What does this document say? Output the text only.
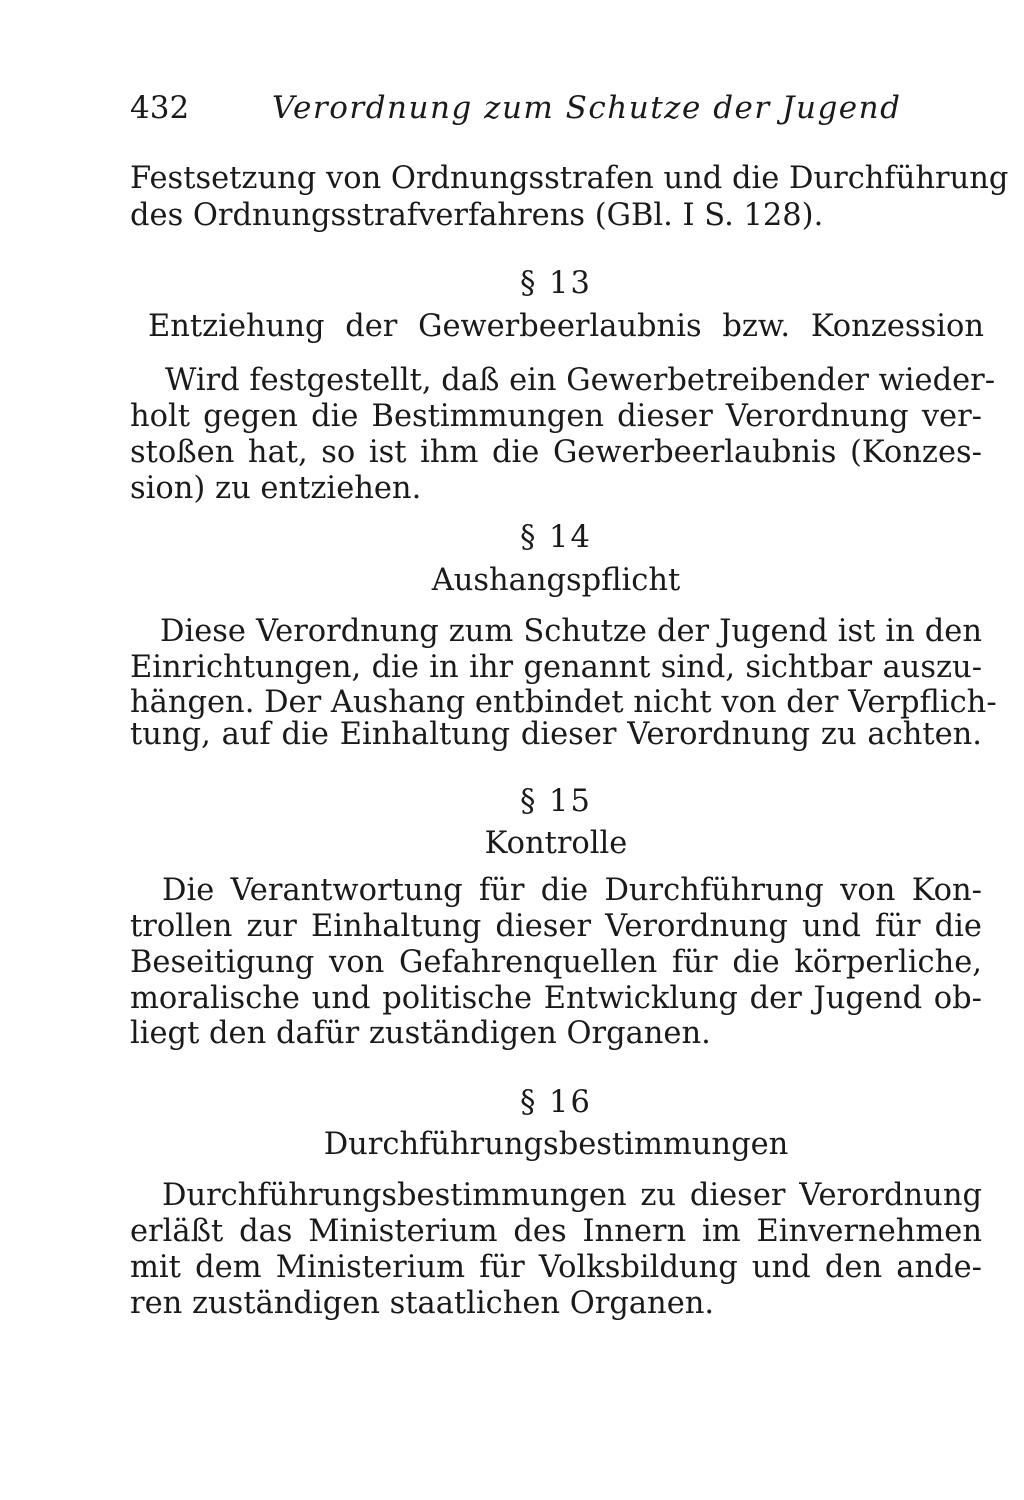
432	Verordnung zum Schutze der Jugend
Festsetzung von Ordnungsstrafen und die Durchführung
des Ordnungsstrafverfahrens (GBl. I S. 128).
§ 13
Entziehung der Gewerbeerlaubnis bzw. Konzession
Wird festgestellt, daß ein Gewerbetreibender wieder-
holt gegen die Bestimmungen dieser Verordnung ver-
stoßen hat, so ist ihm die Gewerbeerlaubnis (Konzes-
sion) zu entziehen.
§ 14
Aushangspflicht
Diese Verordnung zum Schutze der Jugend ist in den
Einrichtungen, die in ihr genannt sind, sichtbar auszu-
hängen. Der Aushang entbindet nicht von der Verpflich-
tung, auf die Einhaltung dieser Verordnung zu achten.
§ 15
Kontrolle
Die Verantwortung für die Durchführung von Kon-
trollen zur Einhaltung dieser Verordnung und für die
Beseitigung von Gefahrenquellen für die körperliche,
moralische und politische Entwicklung der Jugend ob-
liegt den dafür zuständigen Organen.
§ 16
Durchführungsbestimmungen
Durchführungsbestimmungen zu dieser Verordnung
erläßt das Ministerium des Innern im Einvernehmen
mit dem Ministerium für Volksbildung und den ande-
ren zuständigen staatlichen Organen.
